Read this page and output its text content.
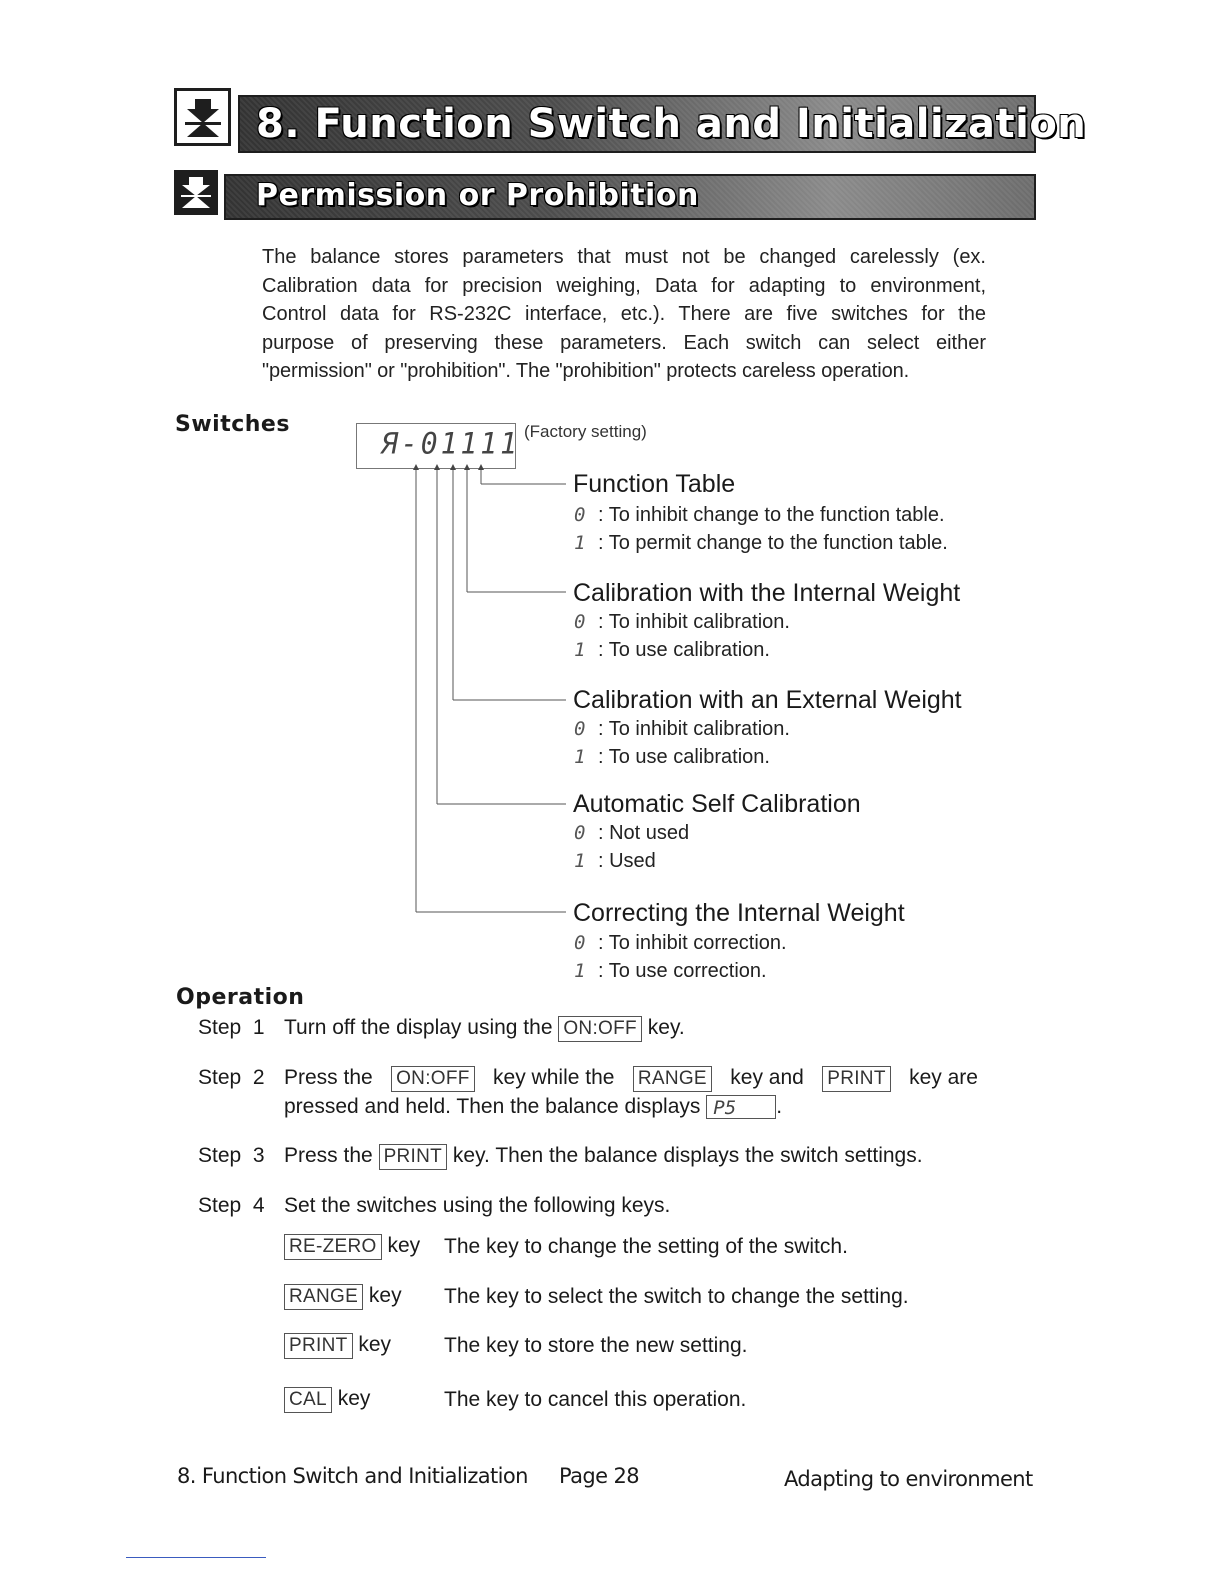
8. Function Switch and Initialization
Permission or Prohibition
The balance stores parameters that must not be changed carelessly (ex.
Calibration data for precision weighing, Data for adapting to environment,
Control data for RS-232C interface, etc.). There are five switches for the
purpose of preserving these parameters. Each switch can select either
"permission" or "prohibition". The "prohibition" protects careless operation.
Switches
Я-01111 (Factory setting)
Function Table
0 : To inhibit change to the function table.
1 : To permit change to the function table.
Calibration with the Internal Weight
0 : To inhibit calibration.
1 : To use calibration.
Calibration with an External Weight
0 : To inhibit calibration.
1 : To use calibration.
Automatic Self Calibration
0 : Not used
1 : Used
Correcting the Internal Weight
0 : To inhibit correction.
1 : To use correction.
Operation
Step  1 Turn off the display using the ON:OFF key.
Step  2 Press the ON:OFF key while the RANGE key and PRINT key are
pressed and held. Then the balance displays P5 .
Step  3 Press the PRINT key. Then the balance displays the switch settings.
Step  4 Set the switches using the following keys.
RE-ZERO key The key to change the setting of the switch.
RANGE key The key to select the switch to change the setting.
PRINT key	The key to store the new setting.
CAL key	The key to cancel this operation.
8. Function Switch and Initialization Page 28	Adapting to environment
